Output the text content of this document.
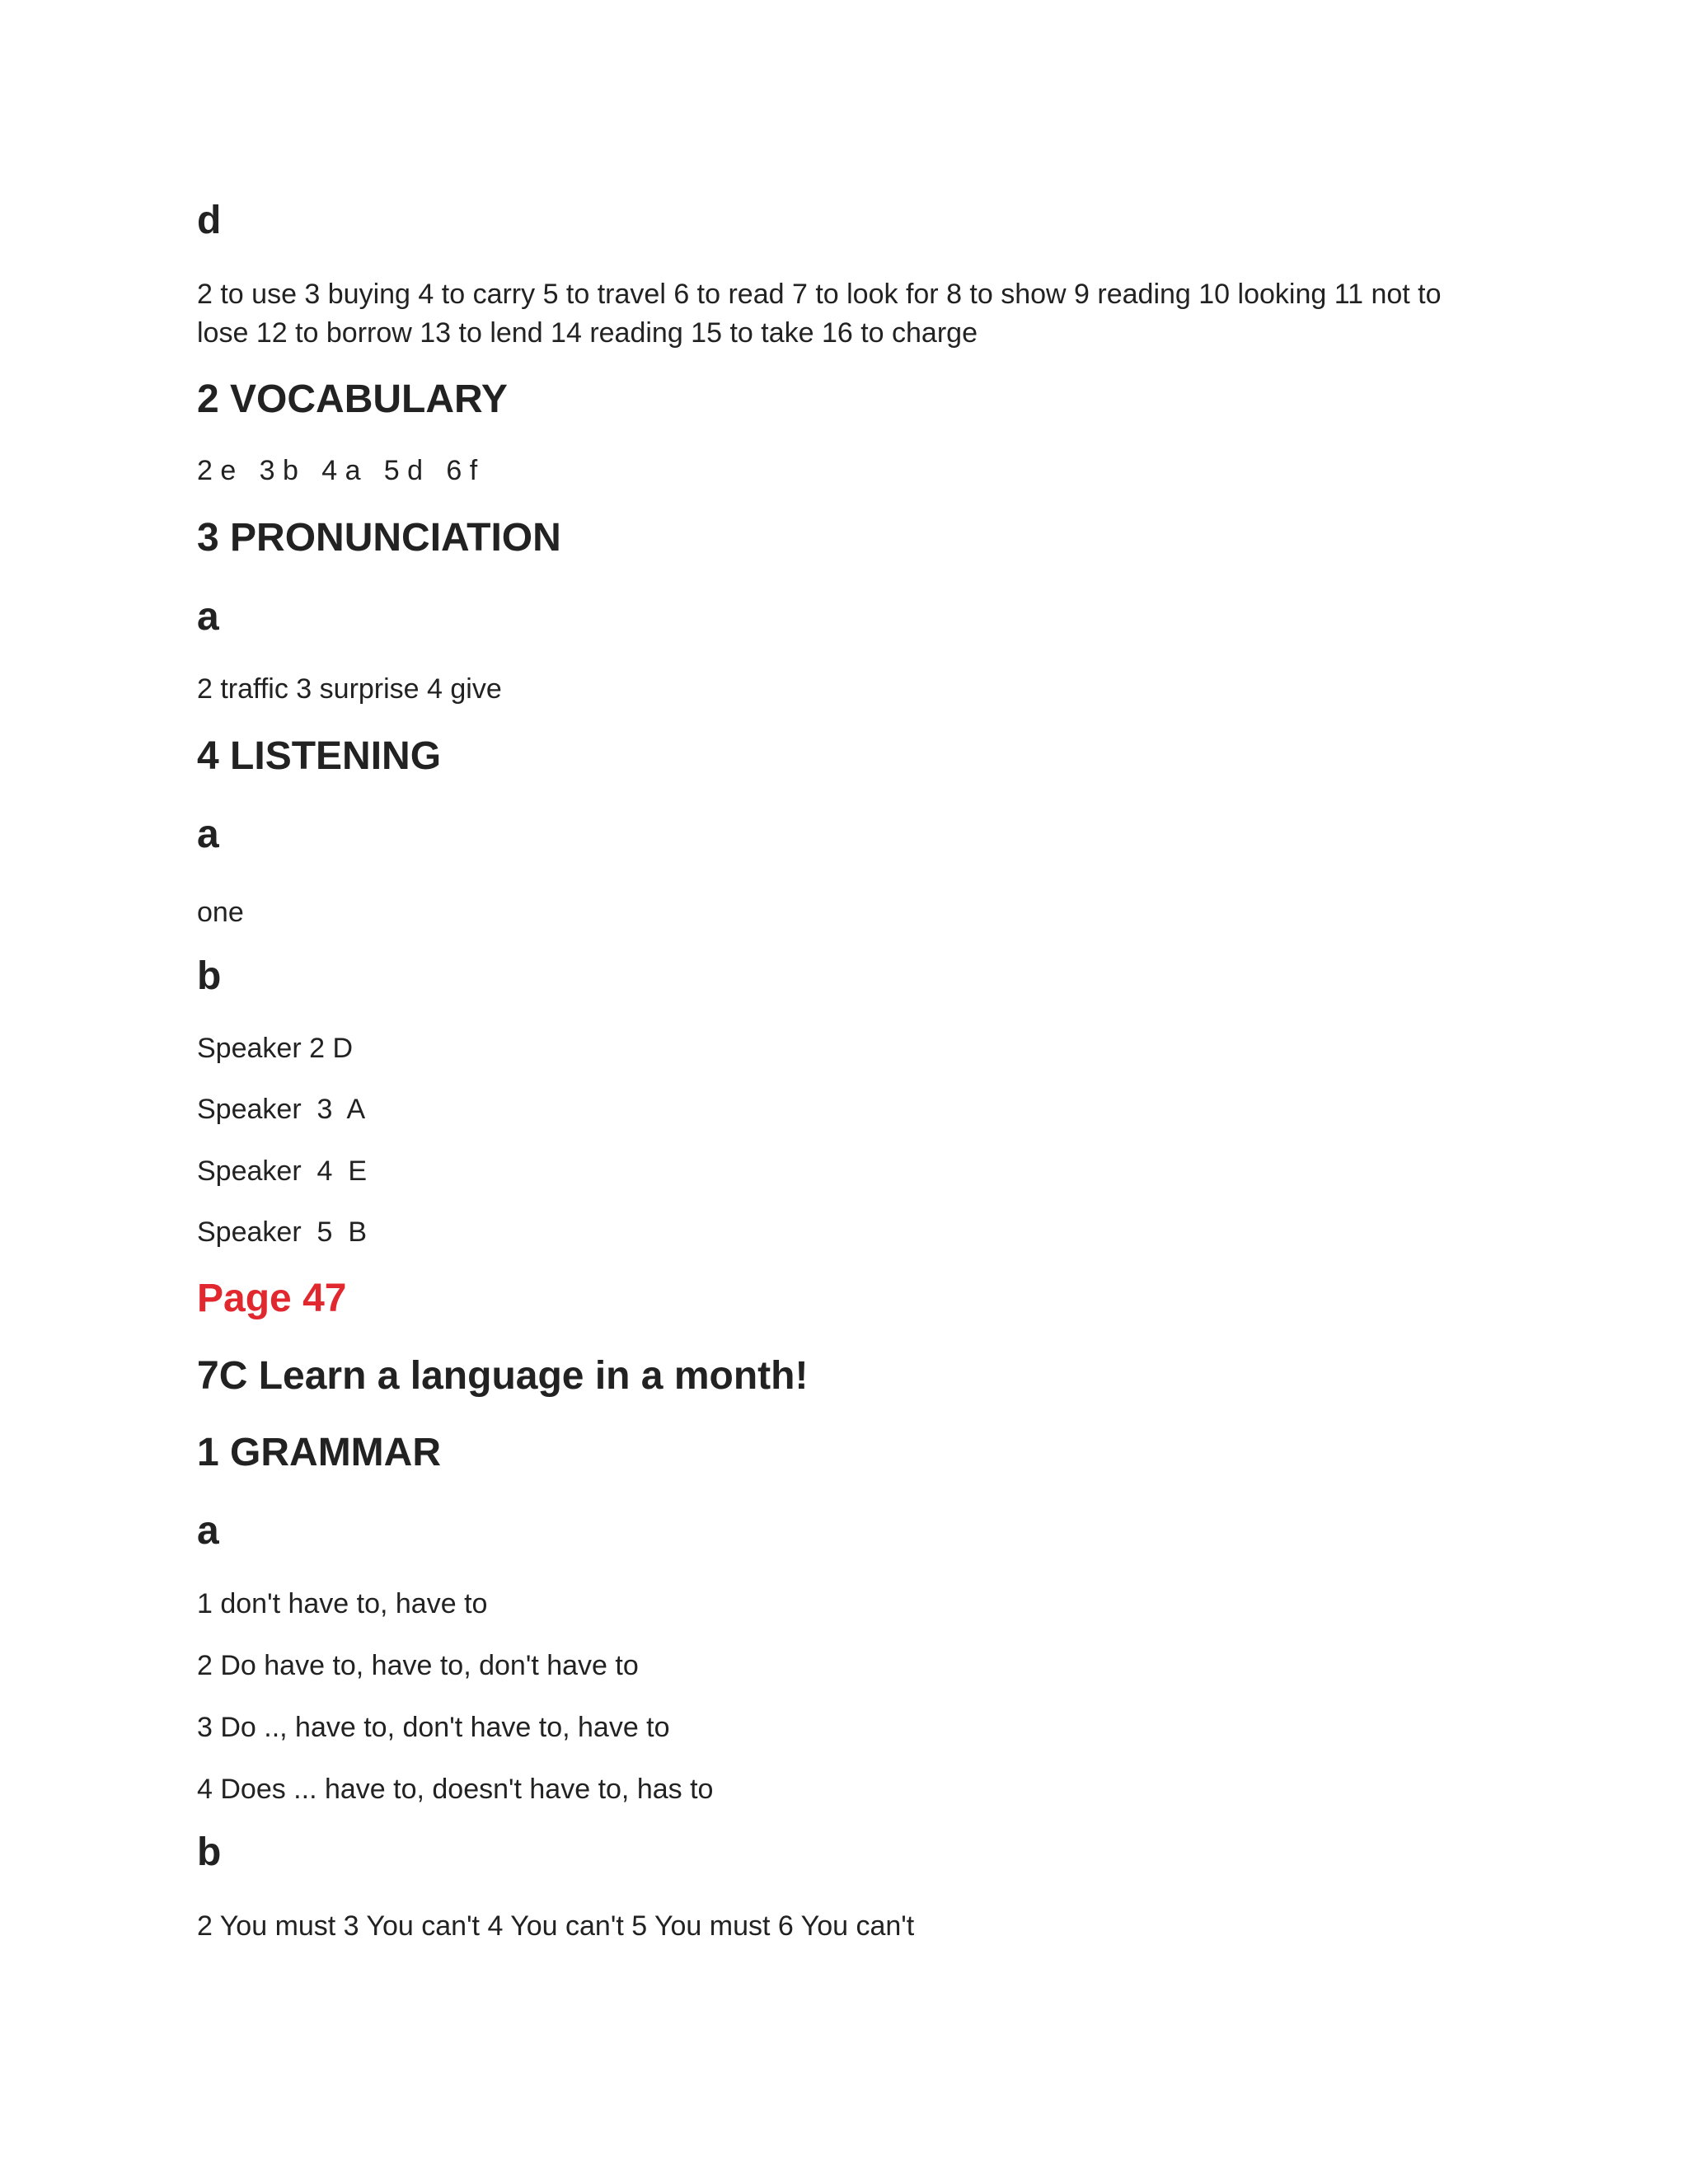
d
2 to use 3 buying 4 to carry 5 to travel 6 to read 7 to look for 8 to show 9 reading 10 looking 11 not to
lose 12 to borrow 13 to lend 14 reading 15 to take 16 to charge
2 VOCABULARY
2 e   3 b   4 a   5 d   6 f
3 PRONUNCIATION
a
2 traffic 3 surprise 4 give
4 LISTENING
a
one
b
Speaker 2 D
Speaker  3  A
Speaker  4  E
Speaker  5  B
Page 47
7C Learn a language in a month!
1 GRAMMAR
a
1 don't have to, have to
2 Do have to, have to, don't have to
3 Do .., have to, don't have to, have to
4 Does ... have to, doesn't have to, has to
b
2 You must 3 You can't 4 You can't 5 You must 6 You can't
